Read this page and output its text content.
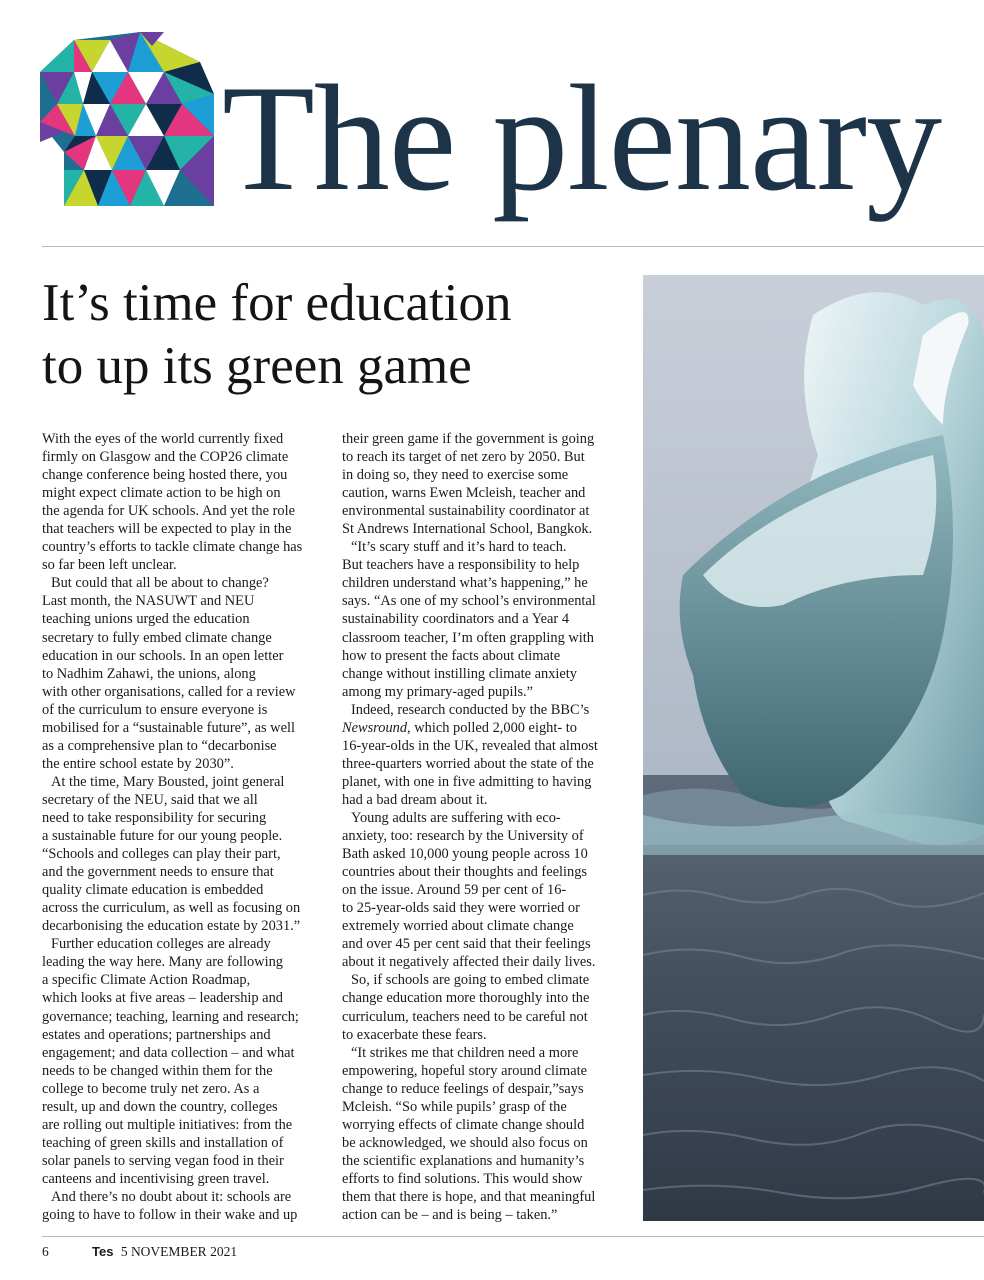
The plenary
It’s time for education
to up its green game

With the eyes of the world currently fixed
firmly on Glasgow and the COP26 climate
change conference being hosted there, you
might expect climate action to be high on
the agenda for UK schools. And yet the role
that teachers will be expected to play in the
country’s efforts to tackle climate change has
so far been left unclear.

But could that all be about to change?
Last month, the NASUWT and NEU
teaching unions urged the education
secretary to fully embed climate change
education in our schools. In an open letter
to Nadhim Zahawi, the unions, along
with other organisations, called for a review
of the curriculum to ensure everyone is
mobilised for a “sustainable future”, as well
as a comprehensive plan to “decarbonise
the entire school estate by 2030”.

At the time, Mary Bousted, joint general
secretary of the NEU, said that we all
need to take responsibility for securing
a sustainable future for our young people.
“Schools and colleges can play their part,
and the government needs to ensure that
quality climate education is embedded
across the curriculum, as well as focusing on
decarbonising the education estate by 2031.”

Further education colleges are already
leading the way here. Many are following
a specific Climate Action Roadmap,
which looks at five areas – leadership and
governance; teaching, learning and research;
estates and operations; partnerships and
engagement; and data collection – and what
needs to be changed within them for the
college to become truly net zero. As a
result, up and down the country, colleges
are rolling out multiple initiatives: from the
teaching of green skills and installation of
solar panels to serving vegan food in their
canteens and incentivising green travel.

And there’s no doubt about it: schools are
going to have to follow in their wake and up

their green game if the government is going
to reach its target of net zero by 2050. But
in doing so, they need to exercise some
caution, warns Ewen Mcleish, teacher and
environmental sustainability coordinator at
St Andrews International School, Bangkok.

“It’s scary stuff and it’s hard to teach.
But teachers have a responsibility to help
children understand what’s happening,” he
says. “As one of my school’s environmental
sustainability coordinators and a Year 4
classroom teacher, I’m often grappling with
how to present the facts about climate
change without instilling climate anxiety
among my primary-aged pupils.”

Indeed, research conducted by the BBC’s
Newsround, which polled 2,000 eight- to
16-year-olds in the UK, revealed that almost
three-quarters worried about the state of the
planet, with one in five admitting to having
had a bad dream about it.

Young adults are suffering with eco-
anxiety, too: research by the University of
Bath asked 10,000 young people across 10
countries about their thoughts and feelings
on the issue. Around 59 per cent of 16-
to 25-year-olds said they were worried or
extremely worried about climate change
and over 45 per cent said that their feelings
about it negatively affected their daily lives.

So, if schools are going to embed climate
change education more thoroughly into the
curriculum, teachers need to be careful not
to exacerbate these fears.

“It strikes me that children need a more
empowering, hopeful story around climate
change to reduce feelings of despair,”says
Mcleish. “So while pupils’ grasp of the
worrying effects of climate change should
be acknowledged, we should also focus on
the scientific explanations and humanity’s
efforts to find solutions. This would show
them that there is hope, and that meaningful
action can be – and is being – taken.”

6	Tes 5 NOVEMBER 2021
